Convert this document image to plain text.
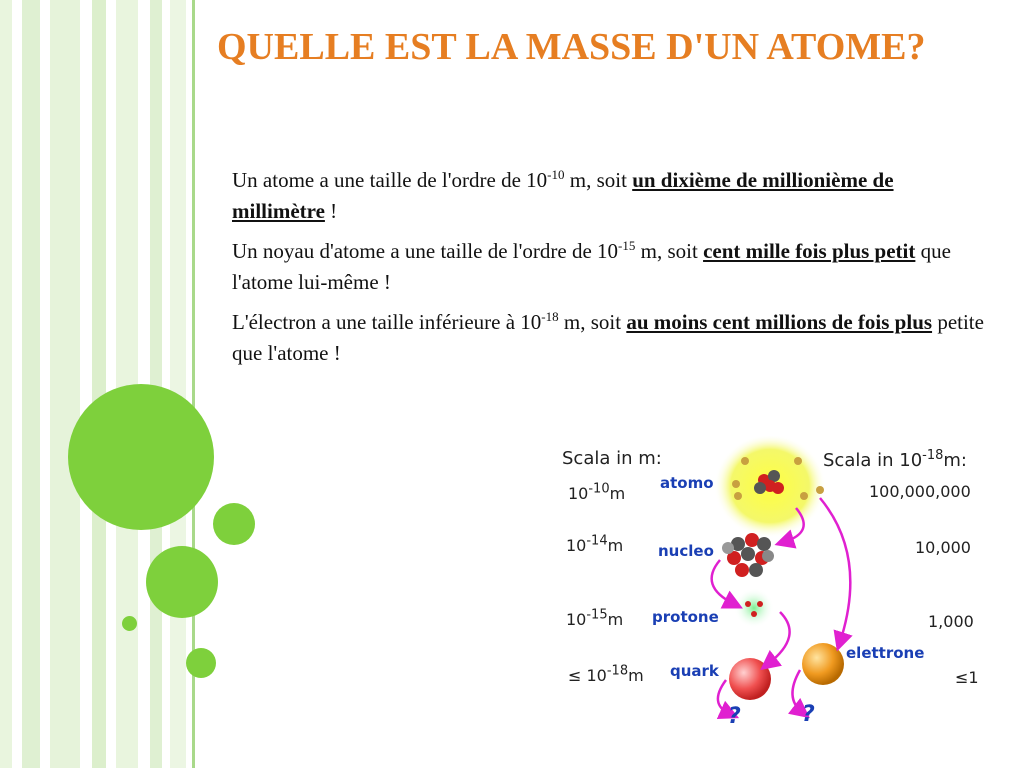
QUELLE EST LA MASSE D'UN ATOME?

Un atome a une taille de l'ordre de $10^{-10}$ m, soit un dixième de millionième de millimètre !

Un noyau d'atome a une taille de l'ordre de $10^{-15}$ m, soit cent mille fois plus petit que l'atome lui-même !

L'électron a une taille inférieure à $10^{-18}$ m, soit au moins cent millions de fois plus petite que l'atome !

Scala in m:	Scala in $10^{-18}m$:
$10^{-10}m$
$10^{-14}m$
$10^{-15}m$
≤ $10^{-18}m$
atomo
nucleo
protone
quark
elettrone
100,000,000
10,000
1,000
≤1
?	?
